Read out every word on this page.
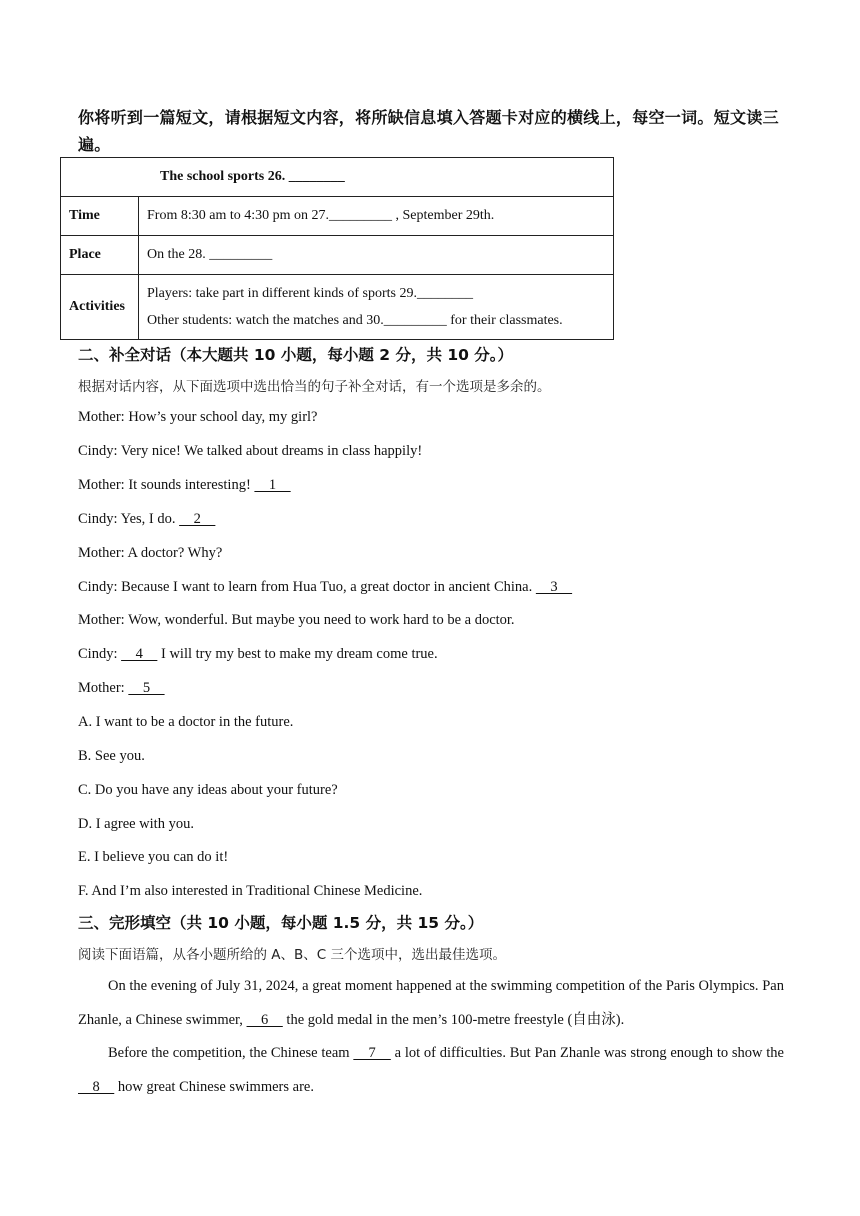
你将听到一篇短文，请根据短文内容，将所缺信息填入答题卡对应的横线上，每空一词。短文读三遍。
The school sports 26. ________	
Time	From 8:30 am to 4:30 pm on 27._________ , September 29th.
Place	On the 28. _________
Activities	Players: take part in different kinds of sports 29.________
Other students: watch the matches and 30._________ for their classmates.
二、补全对话（本大题共 10 小题，每小题 2 分，共 10 分。）
根据对话内容，从下面选项中选出恰当的句子补全对话，有一个选项是多余的。
Mother: How’s your school day, my girl?
Cindy: Very nice! We talked about dreams in class happily!
Mother: It sounds interesting!     1
Cindy: Yes, I do.     2
Mother: A doctor? Why?
Cindy: Because I want to learn from Hua Tuo, a great doctor in ancient China.     3
Mother: Wow, wonderful. But maybe you need to work hard to be a doctor.
Cindy:     4     I will try my best to make my dream come true.
Mother:     5
A. I want to be a doctor in the future.
B. See you.
C. Do you have any ideas about your future?
D. I agree with you.
E. I believe you can do it!
F. And I’m also interested in Traditional Chinese Medicine.
三、完形填空（共 10 小题，每小题 1.5 分，共 15 分。）
阅读下面语篇，从各小题所给的 A、B、C 三个选项中，选出最佳选项。
On the evening of July 31, 2024, a great moment happened at the swimming competition of the Paris Olympics. Pan Zhanle, a Chinese swimmer,     6     the gold medal in the men’s 100-metre freestyle (自由泳).
Before the competition, the Chinese team     7     a lot of difficulties. But Pan Zhanle was strong enough to show the     8     how great Chinese swimmers are.
